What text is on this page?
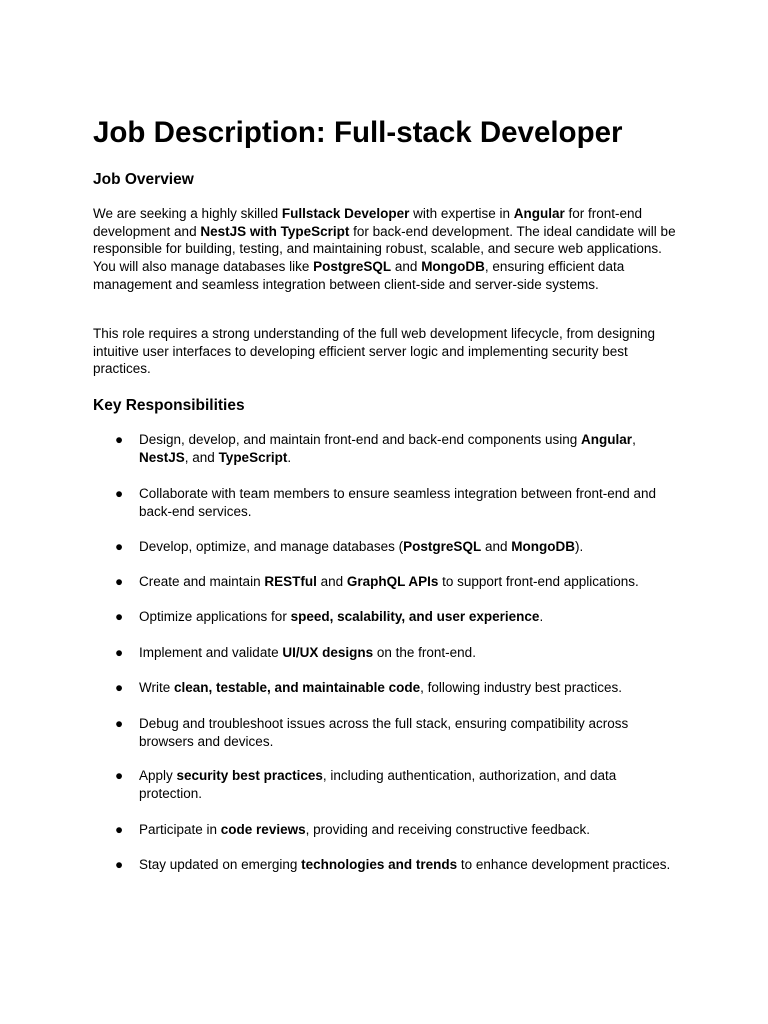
Job Description: Full-stack Developer
Job Overview

We are seeking a highly skilled Fullstack Developer with expertise in Angular for front-end development and NestJS with TypeScript for back-end development. The ideal candidate will be responsible for building, testing, and maintaining robust, scalable, and secure web applications. You will also manage databases like PostgreSQL and MongoDB, ensuring efficient data management and seamless integration between client-side and server-side systems.

This role requires a strong understanding of the full web development lifecycle, from designing intuitive user interfaces to developing efficient server logic and implementing security best practices.

Key Responsibilities
● Design, develop, and maintain front-end and back-end components using Angular, NestJS, and TypeScript.
● Collaborate with team members to ensure seamless integration between front-end and back-end services.
● Develop, optimize, and manage databases (PostgreSQL and MongoDB).
● Create and maintain RESTful and GraphQL APIs to support front-end applications.
● Optimize applications for speed, scalability, and user experience.
● Implement and validate UI/UX designs on the front-end.
● Write clean, testable, and maintainable code, following industry best practices.
● Debug and troubleshoot issues across the full stack, ensuring compatibility across browsers and devices.
● Apply security best practices, including authentication, authorization, and data protection.
● Participate in code reviews, providing and receiving constructive feedback.
● Stay updated on emerging technologies and trends to enhance development practices.
